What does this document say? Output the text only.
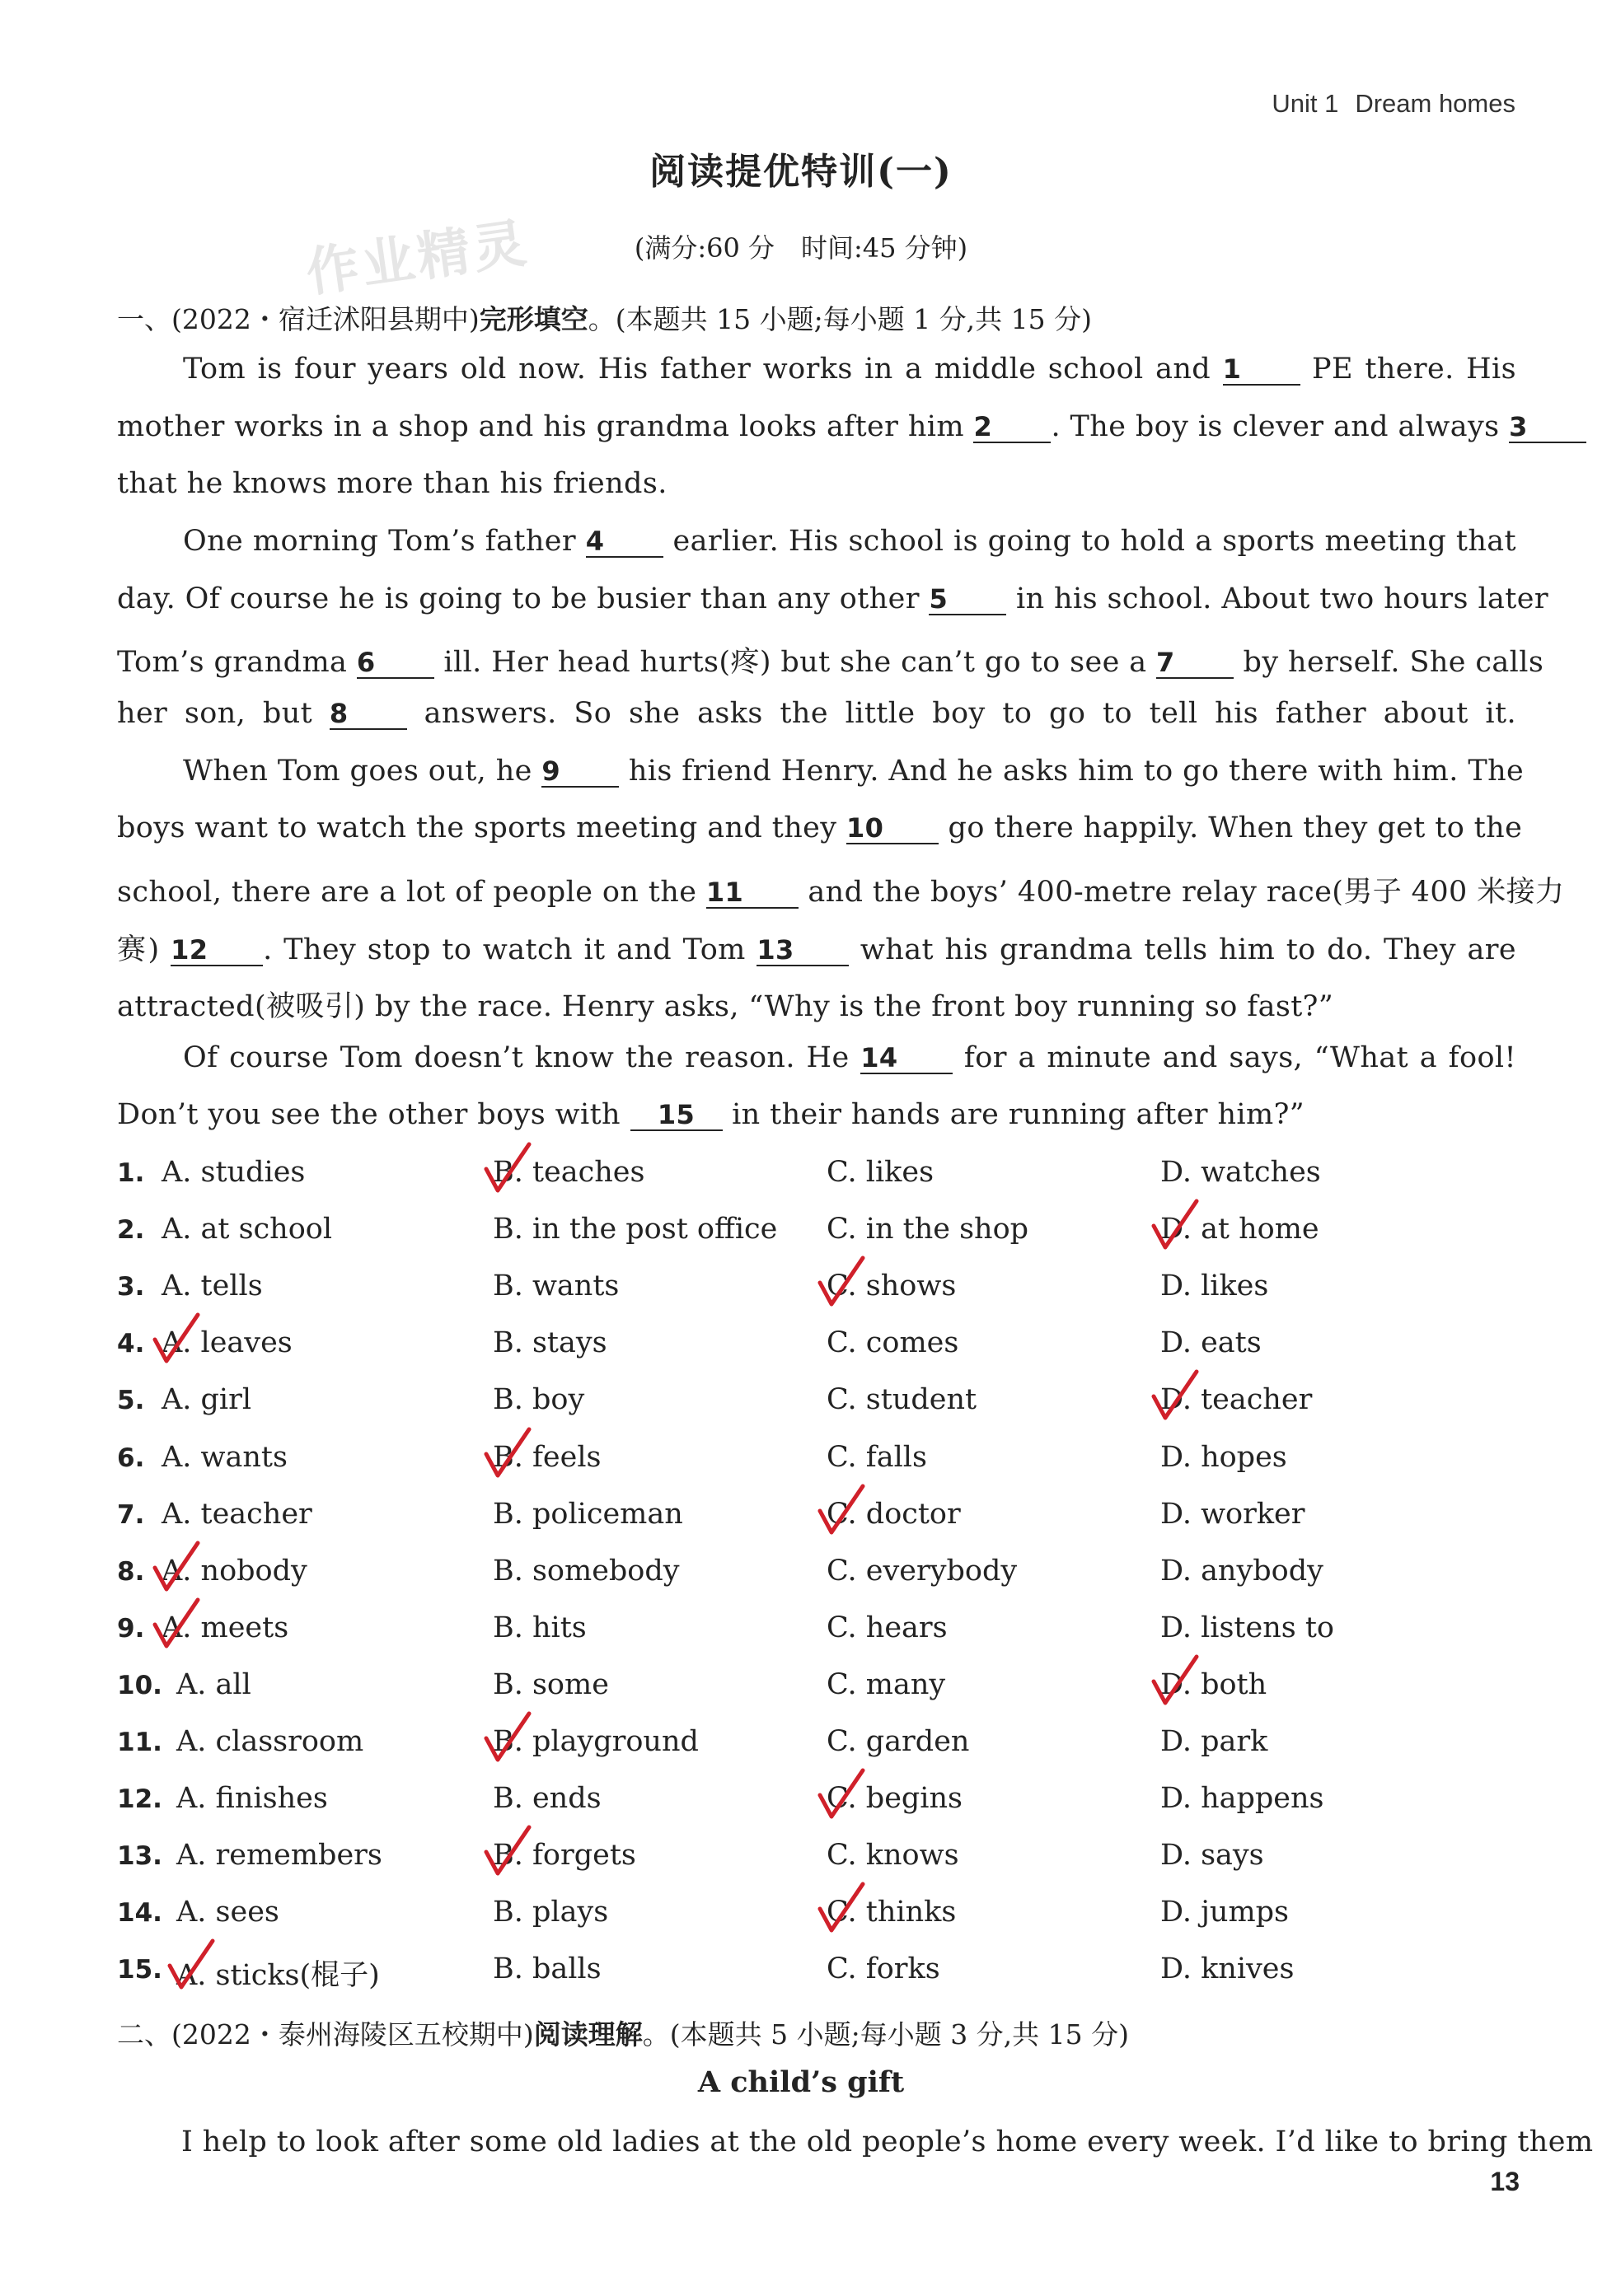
Unit 1 Dream homes
作业精灵
阅读提优特训(一)
(满分:60 分　时间:45 分钟)
一、(2022・宿迁沭阳县期中)完形填空。(本题共 15 小题;每小题 1 分,共 15 分)
Tom is four years old now. His father works in a middle school and 1 PE there. His
mother works in a shop and his grandma looks after him 2 . The boy is clever and always 3
that he knows more than his friends.
One morning Tom’s father 4 earlier. His school is going to hold a sports meeting that
day. Of course he is going to be busier than any other 5 in his school. About two hours later
Tom’s grandma 6 ill. Her head hurts(疼) but she can’t go to see a 7 by herself. She calls
her son, but 8	answers. So she asks the little boy to go to tell his father about it.
When Tom goes out, he 9 his friend Henry. And he asks him to go there with him. The
boys want to watch the sports meeting and they 10 go there happily. When they get to the
school, there are a lot of people on the 11 and the boys’ 400-metre relay race(男子 400 米接力
赛) 12 . They stop to watch it and Tom 13 what his grandma tells him to do. They are
attracted(被吸引) by the race. Henry asks, “Why is the front boy running so fast?”
Of course Tom doesn’t know the reason. He 14 for a minute and says, “What a fool!
Don’t you see the other boys with 15 in their hands are running after him?”
1. A. studies	B. teaches	C. likes	D. watches
2. A. at school	B. in the post office C. in the shop	D. at home
3. A. tells	B. wants	C. shows	D. likes
4. A. leaves	B. stays	C. comes	D. eats
5. A. girl	B. boy	C. student	D. teacher
6. A. wants	B. feels	C. falls	D. hopes
7. A. teacher	B. policeman	C. doctor	D. worker
8. A. nobody	B. somebody	C. everybody	D. anybody
9. A. meets	B. hits	C. hears	D. listens to
10. A. all	B. some	C. many	D. both
11. A. classroom	B. playground	C. garden	D. park
12. A. finishes	B. ends	C. begins	D. happens
13. A. remembers	B. forgets	C. knows	D. says
14. A. sees	B. plays	C. thinks	D. jumps
15. A. sticks(棍子)	B. balls	C. forks	D. knives
二、(2022・泰州海陵区五校期中)阅读理解。(本题共 5 小题;每小题 3 分,共 15 分)
A child’s gift
I help to look after some old ladies at the old people’s home every week. I’d like to bring them
13
